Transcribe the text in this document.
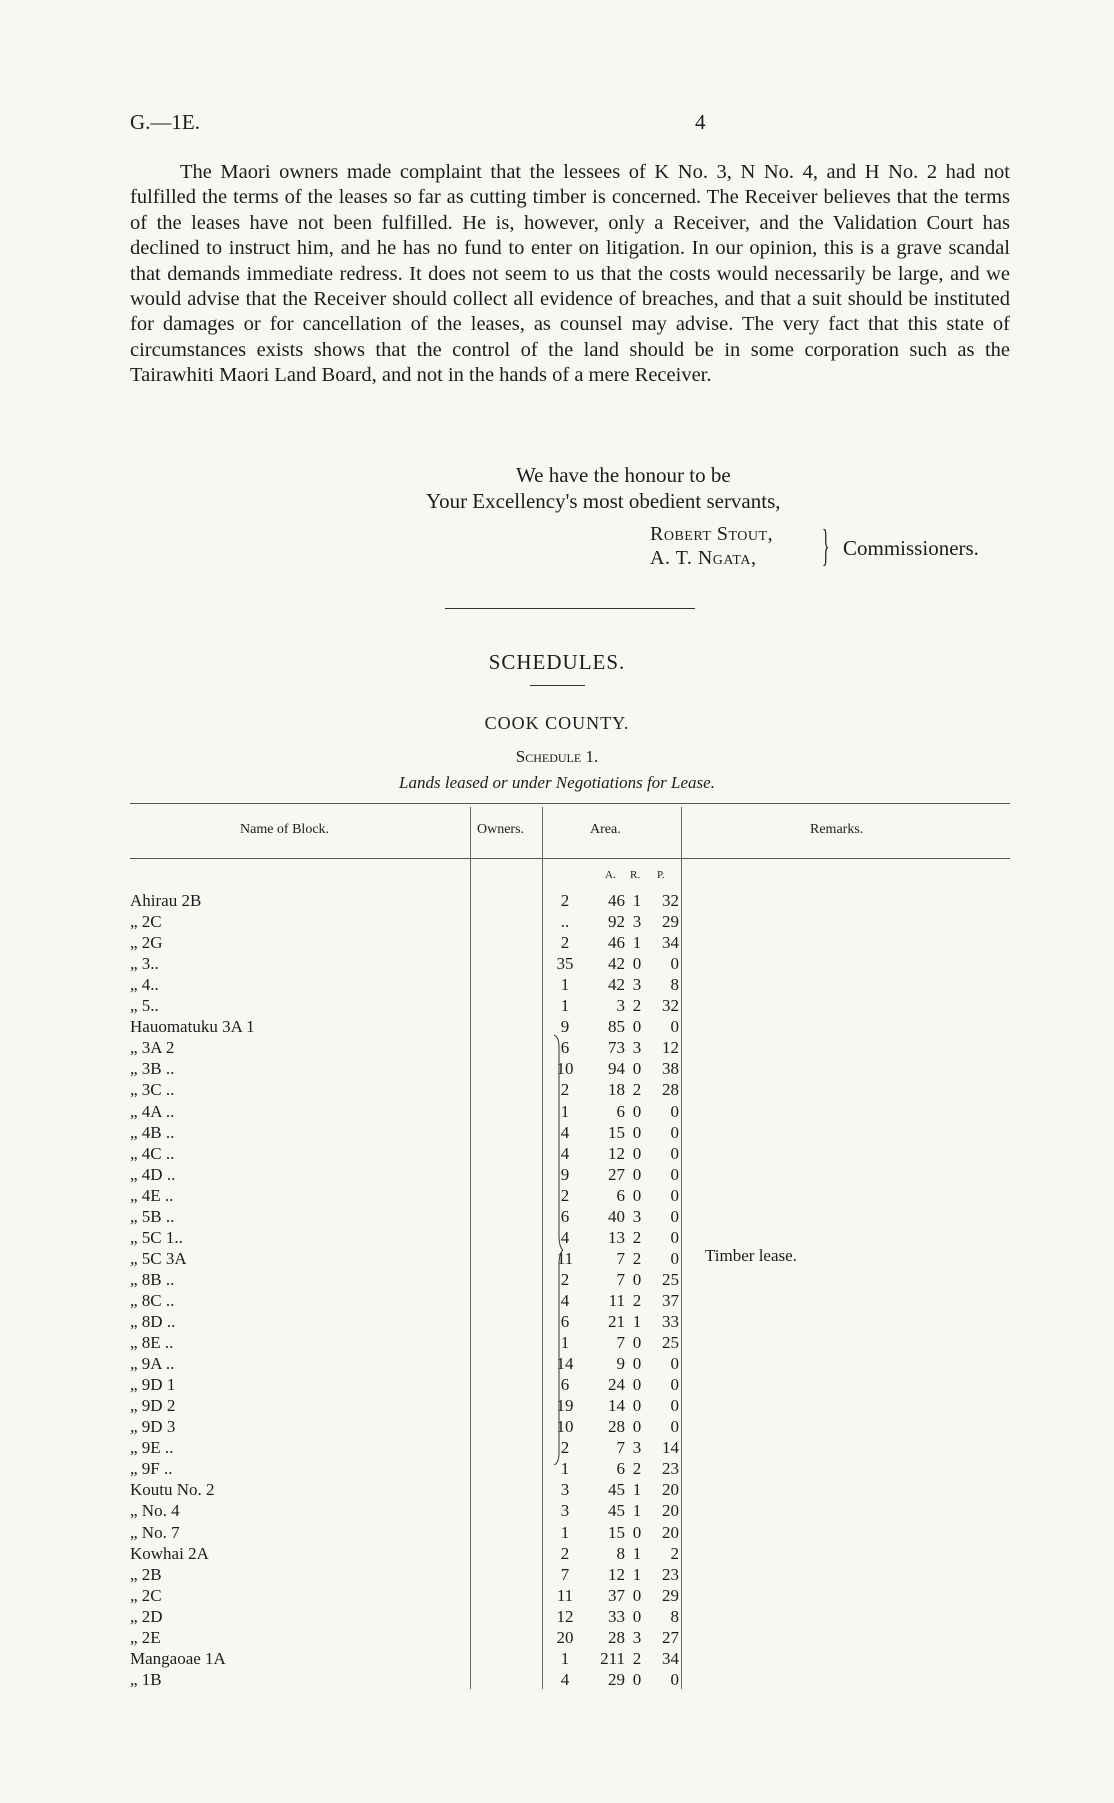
G.—1E.	4

The Maori owners made complaint that the lessees of K No. 3, N No. 4, and H No. 2 had not fulfilled the terms of the leases so far as cutting timber is concerned. The Receiver believes that the terms of the leases have not been fulfilled. He is, however, only a Receiver, and the Validation Court has declined to instruct him, and he has no fund to enter on litigation. In our opinion, this is a grave scandal that demands immediate redress. It does not seem to us that the costs would necessarily be large, and we would advise that the Receiver should collect all evidence of breaches, and that a suit should be instituted for damages or for cancellation of the leases, as counsel may advise. The very fact that this state of circumstances exists shows that the control of the land should be in some corporation such as the Tairawhiti Maori Land Board, and not in the hands of a mere Receiver.

We have the honour to be
Your Excellency's most obedient servants,
Robert Stout,
A. T. Ngata,	} Commissioners.
SCHEDULES.
COOK COUNTY.
Schedule 1.
Lands leased or under Negotiations for Lease.
Name of Block.	Owners.	Area.	Remarks.
A. R. P.
Ahirau 2B	2	46 1	32
„ 2C	..	92 3	29
„ 2G	2	46 1	34
„ 3..	35	42 0	0
„ 4..	1	42 3	8
„ 5..	1	3 2	32
Hauomatuku 3A 1	9	85 0	0
„ 3A 2	6	73 3	12
„ 3B ..	10	94 0	38
„ 3C ..	2	18 2	28
„ 4A ..	1	6 0	0
„ 4B ..	4	15 0	0
„ 4C ..	4	12 0	0
„ 4D ..	9	27 0	0
„ 4E ..	2	6 0	0
„ 5B ..	6	40 3	0
„ 5C 1..	4	13 2	0
„ 5C 3A	11	7 2	0
„ 8B ..	2	7 0	25
„ 8C ..	4	11 2	37
„ 8D ..	6	21 1	33
„ 8E ..	1	7 0	25
„ 9A ..	14	9 0	0
„ 9D 1	6	24 0	0
„ 9D 2	19	14 0	0
„ 9D 3	10	28 0	0
„ 9E ..	2	7 3	14
„ 9F ..	1	6 2	23
Koutu No. 2	3	45 1	20
„ No. 4	3	45 1	20
„ No. 7	1	15 0	20
Kowhai 2A	2	8 1	2
„ 2B	7	12 1	23
„ 2C	11	37 0	29
„ 2D	12	33 0	8
„ 2E	20	28 3	27
Mangaoae 1A	1	211 2	34
„ 1B	4	29 0	0
Timber lease.
